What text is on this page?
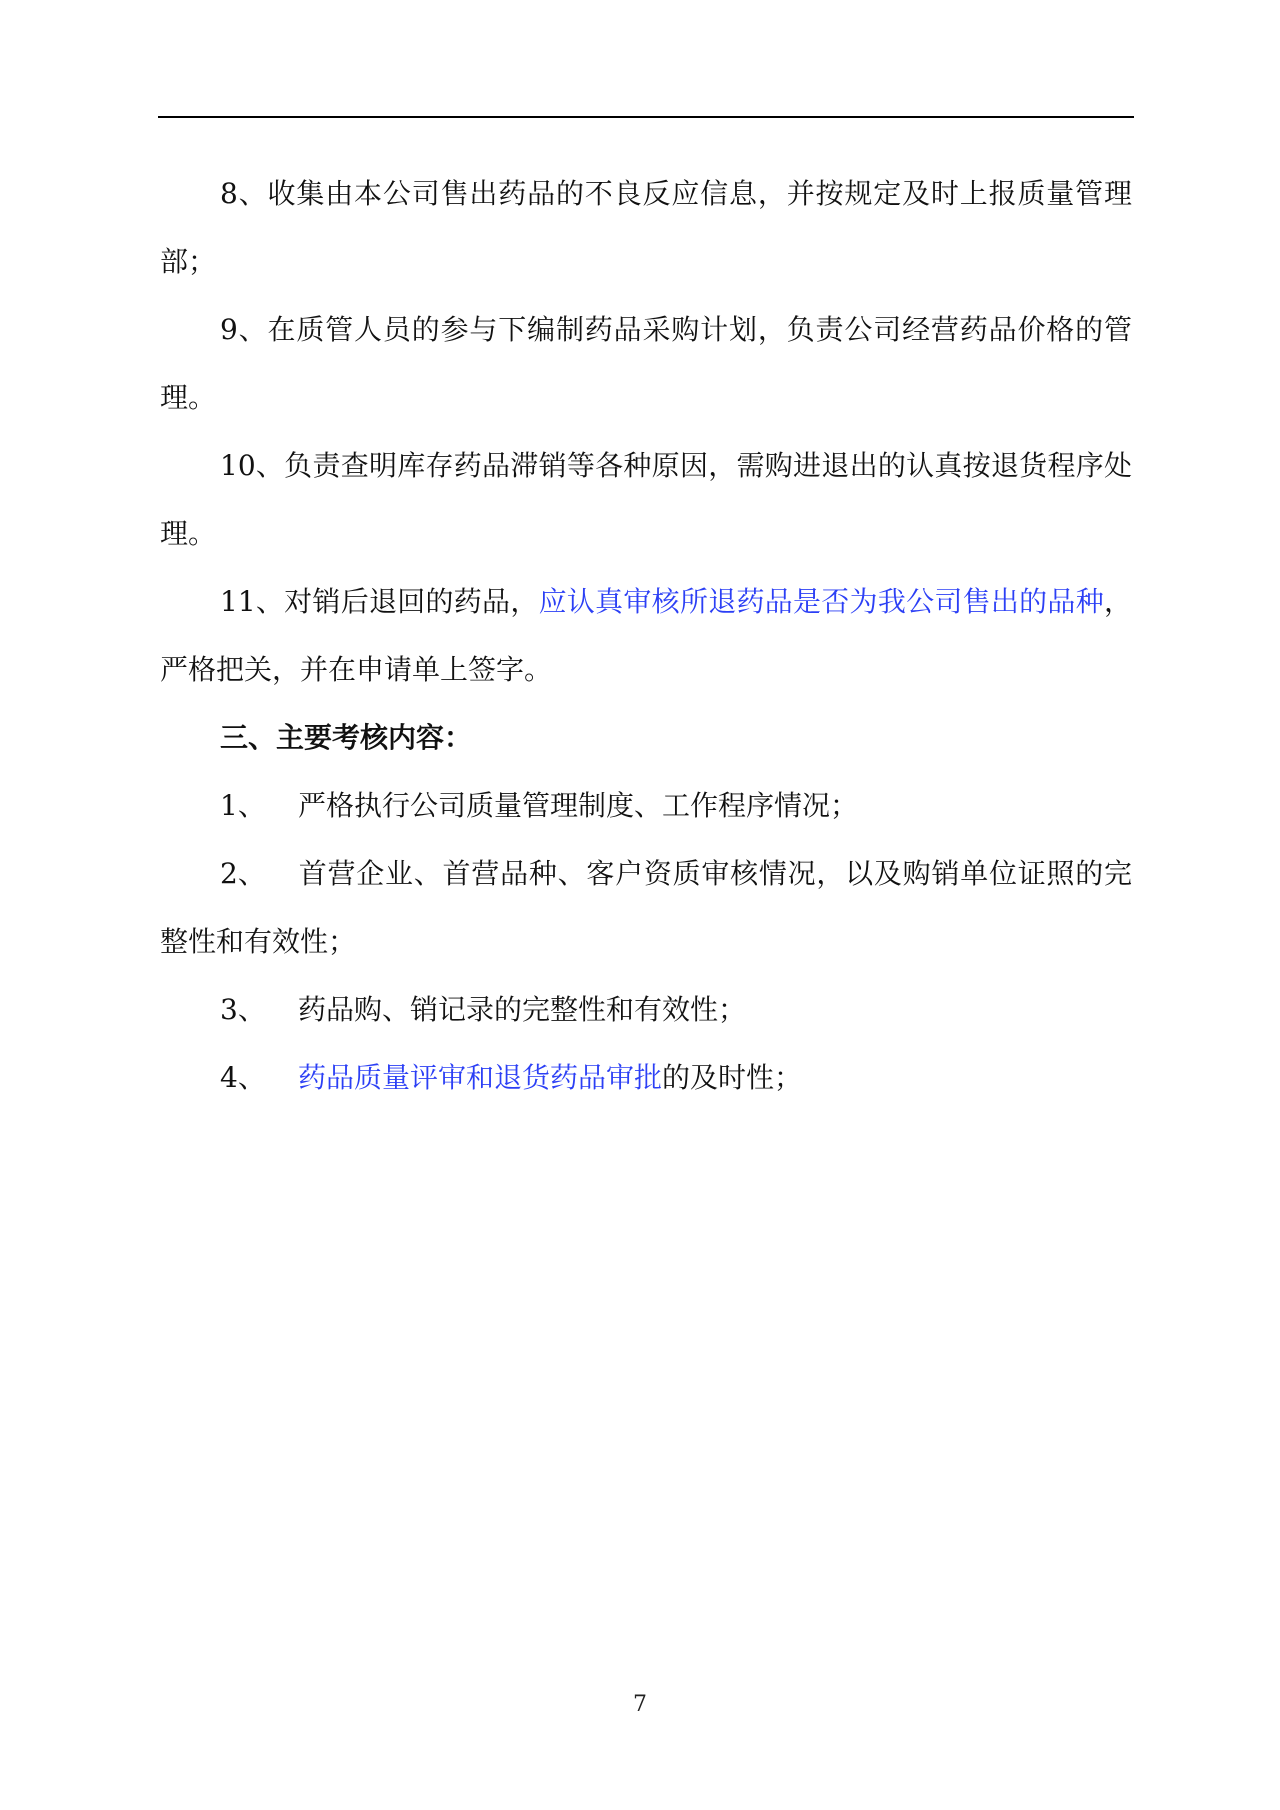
8、收集由本公司售出药品的不良反应信息，并按规定及时上报质量管理部；

9、在质管人员的参与下编制药品采购计划，负责公司经营药品价格的管理。

10、负责查明库存药品滞销等各种原因，需购进退出的认真按退货程序处理。

11、对销后退回的药品，应认真审核所退药品是否为我公司售出的品种，严格把关，并在申请单上签字。

三、主要考核内容：

1、 严格执行公司质量管理制度、工作程序情况；

2、 首营企业、首营品种、客户资质审核情况，以及购销单位证照的完整性和有效性；

3、 药品购、销记录的完整性和有效性；

4、 药品质量评审和退货药品审批的及时性；

7
